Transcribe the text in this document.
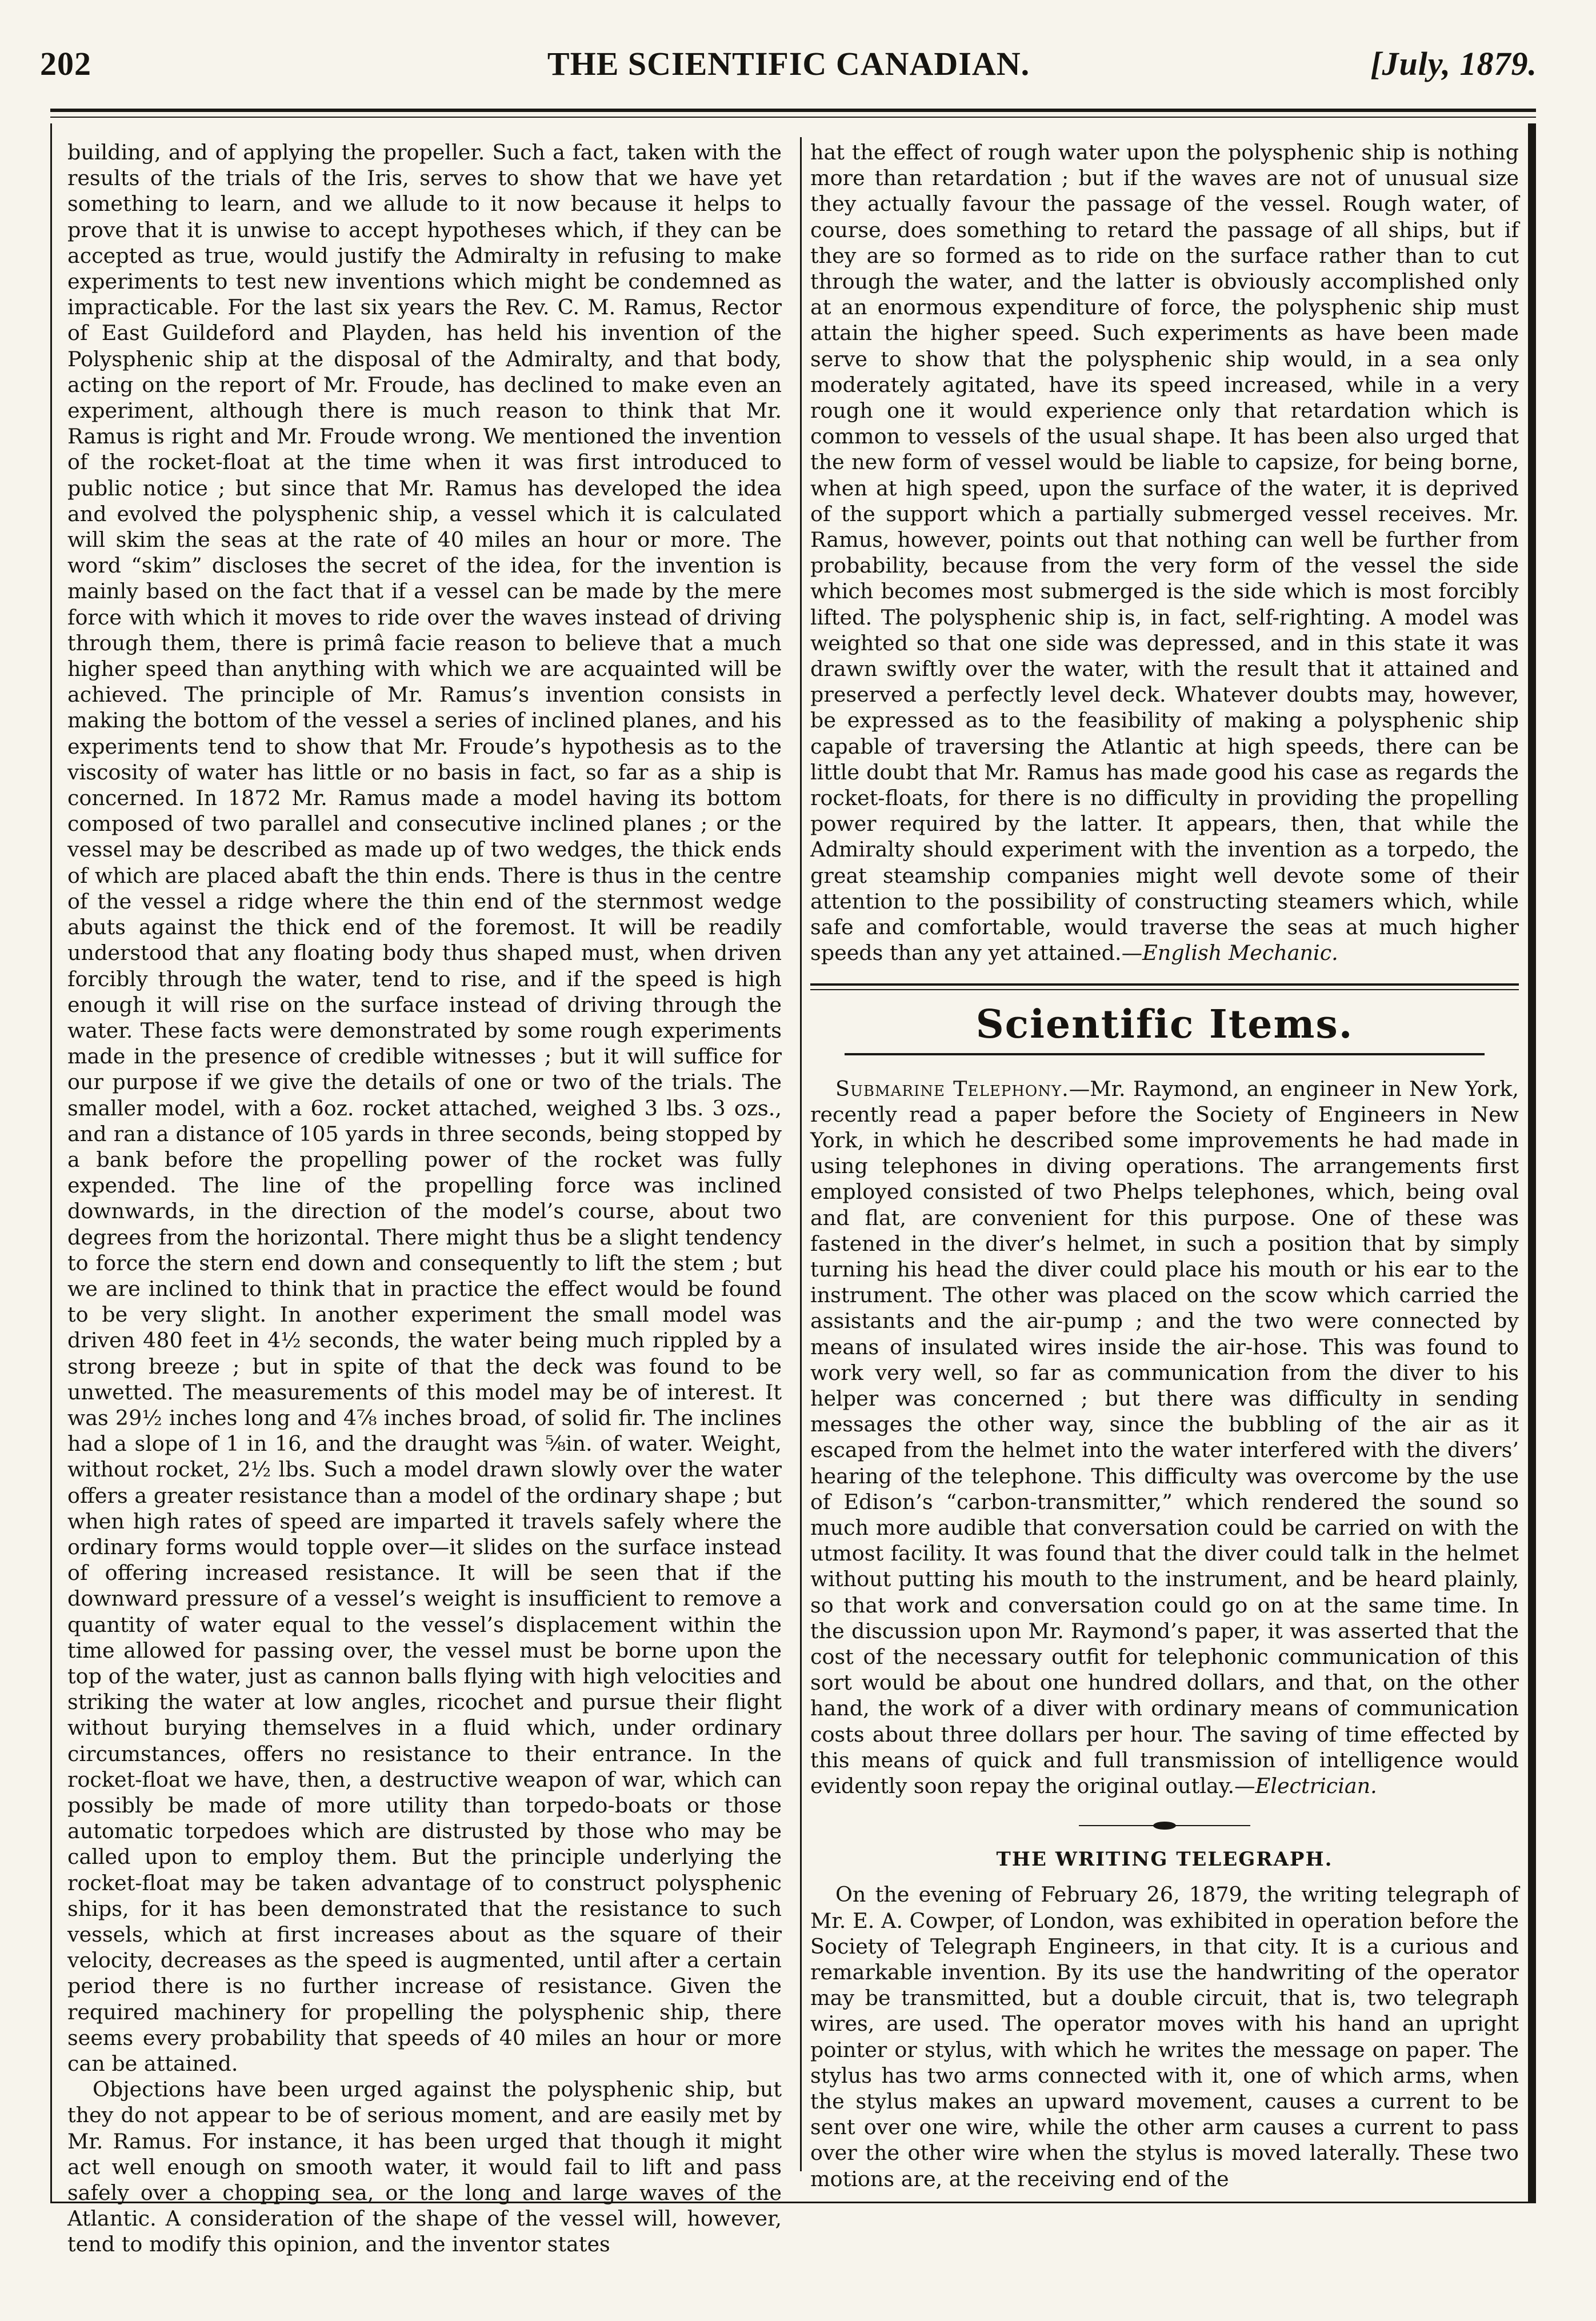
202	THE SCIENTIFIC CANADIAN.	[July, 1879.

building, and of applying the propeller. Such a fact, taken with the results of the trials of the Iris, serves to show that we have yet something to learn, and we allude to it now because it helps to prove that it is unwise to accept hypotheses which, if they can be accepted as true, would justify the Admiralty in refusing to make experiments to test new inventions which might be condemned as impracticable. For the last six years the Rev. C. M. Ramus, Rector of East Guildeford and Playden, has held his invention of the Polysphenic ship at the disposal of the Admiralty, and that body, acting on the report of Mr. Froude, has declined to make even an experiment, although there is much reason to think that Mr. Ramus is right and Mr. Froude wrong. We mentioned the invention of the rocket-float at the time when it was first introduced to public notice ; but since that Mr. Ramus has developed the idea and evolved the polysphenic ship, a vessel which it is calculated will skim the seas at the rate of 40 miles an hour or more. The word “skim” discloses the secret of the idea, for the invention is mainly based on the fact that if a vessel can be made by the mere force with which it moves to ride over the waves instead of driving through them, there is primâ facie reason to believe that a much higher speed than anything with which we are acquainted will be achieved. The principle of Mr. Ramus’s invention consists in making the bottom of the vessel a series of inclined planes, and his experiments tend to show that Mr. Froude’s hypothesis as to the viscosity of water has little or no basis in fact, so far as a ship is concerned. In 1872 Mr. Ramus made a model having its bottom composed of two parallel and consecutive inclined planes ; or the vessel may be described as made up of two wedges, the thick ends of which are placed abaft the thin ends. There is thus in the centre of the vessel a ridge where the thin end of the sternmost wedge abuts against the thick end of the foremost. It will be readily understood that any floating body thus shaped must, when driven forcibly through the water, tend to rise, and if the speed is high enough it will rise on the surface instead of driving through the water. These facts were demonstrated by some rough experiments made in the presence of credible witnesses ; but it will suffice for our purpose if we give the details of one or two of the trials. The smaller model, with a 6oz. rocket attached, weighed 3 lbs. 3 ozs., and ran a distance of 105 yards in three seconds, being stopped by a bank before the propelling power of the rocket was fully expended. The line of the propelling force was inclined downwards, in the direction of the model’s course, about two degrees from the horizontal. There might thus be a slight tendency to force the stern end down and consequently to lift the stem ; but we are inclined to think that in practice the effect would be found to be very slight. In another experiment the small model was driven 480 feet in 4½ seconds, the water being much rippled by a strong breeze ; but in spite of that the deck was found to be unwetted. The measurements of this model may be of interest. It was 29½ inches long and 4⅞ inches broad, of solid fir. The inclines had a slope of 1 in 16, and the draught was ⅝in. of water. Weight, without rocket, 2½ lbs. Such a model drawn slowly over the water offers a greater resistance than a model of the ordinary shape ; but when high rates of speed are imparted it travels safely where the ordinary forms would topple over—it slides on the surface instead of offering increased resistance. It will be seen that if the downward pressure of a vessel’s weight is insufficient to remove a quantity of water equal to the vessel’s displacement within the time allowed for passing over, the vessel must be borne upon the top of the water, just as cannon balls flying with high velocities and striking the water at low angles, ricochet and pursue their flight without burying themselves in a fluid which, under ordinary circumstances, offers no resistance to their entrance. In the rocket-float we have, then, a destructive weapon of war, which can possibly be made of more utility than torpedo-boats or those automatic torpedoes which are distrusted by those who may be called upon to employ them. But the principle underlying the rocket-float may be taken advantage of to construct polysphenic ships, for it has been demonstrated that the resistance to such vessels, which at first increases about as the square of their velocity, decreases as the speed is augmented, until after a certain period there is no further increase of resistance. Given the required machinery for propelling the polysphenic ship, there seems every probability that speeds of 40 miles an hour or more can be attained.

Objections have been urged against the polysphenic ship, but they do not appear to be of serious moment, and are easily met by Mr. Ramus. For instance, it has been urged that though it might act well enough on smooth water, it would fail to lift and pass safely over a chopping sea, or the long and large waves of the Atlantic. A consideration of the shape of the vessel will, however, tend to modify this opinion, and the inventor states

hat the effect of rough water upon the polysphenic ship is nothing more than retardation ; but if the waves are not of unusual size they actually favour the passage of the vessel. Rough water, of course, does something to retard the passage of all ships, but if they are so formed as to ride on the surface rather than to cut through the water, and the latter is obviously accomplished only at an enormous expenditure of force, the polysphenic ship must attain the higher speed. Such experiments as have been made serve to show that the polysphenic ship would, in a sea only moderately agitated, have its speed increased, while in a very rough one it would experience only that retardation which is common to vessels of the usual shape. It has been also urged that the new form of vessel would be liable to capsize, for being borne, when at high speed, upon the surface of the water, it is deprived of the support which a partially submerged vessel receives. Mr. Ramus, however, points out that nothing can well be further from probability, because from the very form of the vessel the side which becomes most submerged is the side which is most forcibly lifted. The polysphenic ship is, in fact, self-righting. A model was weighted so that one side was depressed, and in this state it was drawn swiftly over the water, with the result that it attained and preserved a perfectly level deck. Whatever doubts may, however, be expressed as to the feasibility of making a polysphenic ship capable of traversing the Atlantic at high speeds, there can be little doubt that Mr. Ramus has made good his case as regards the rocket-floats, for there is no difficulty in providing the propelling power required by the latter. It appears, then, that while the Admiralty should experiment with the invention as a torpedo, the great steamship companies might well devote some of their attention to the possibility of constructing steamers which, while safe and comfortable, would traverse the seas at much higher speeds than any yet attained.—English Mechanic.

Scientific Items.

Submarine Telephony.—Mr. Raymond, an engineer in New York, recently read a paper before the Society of Engineers in New York, in which he described some improvements he had made in using telephones in diving operations. The arrangements first employed consisted of two Phelps telephones, which, being oval and flat, are convenient for this purpose. One of these was fastened in the diver’s helmet, in such a position that by simply turning his head the diver could place his mouth or his ear to the instrument. The other was placed on the scow which carried the assistants and the air-pump ; and the two were connected by means of insulated wires inside the air-hose. This was found to work very well, so far as communication from the diver to his helper was concerned ; but there was difficulty in sending messages the other way, since the bubbling of the air as it escaped from the helmet into the water interfered with the divers’ hearing of the telephone. This difficulty was overcome by the use of Edison’s “carbon-transmitter,” which rendered the sound so much more audible that conversation could be carried on with the utmost facility. It was found that the diver could talk in the helmet without putting his mouth to the instrument, and be heard plainly, so that work and conversation could go on at the same time. In the discussion upon Mr. Raymond’s paper, it was asserted that the cost of the necessary outfit for telephonic communication of this sort would be about one hundred dollars, and that, on the other hand, the work of a diver with ordinary means of communication costs about three dollars per hour. The saving of time effected by this means of quick and full transmission of intelligence would evidently soon repay the original outlay.—Electrician.

THE WRITING TELEGRAPH.

On the evening of February 26, 1879, the writing telegraph of Mr. E. A. Cowper, of London, was exhibited in operation before the Society of Telegraph Engineers, in that city. It is a curious and remarkable invention. By its use the handwriting of the operator may be transmitted, but a double circuit, that is, two telegraph wires, are used. The operator moves with his hand an upright pointer or stylus, with which he writes the message on paper. The stylus has two arms connected with it, one of which arms, when the stylus makes an upward movement, causes a current to be sent over one wire, while the other arm causes a current to pass over the other wire when the stylus is moved laterally. These two motions are, at the receiving end of the
